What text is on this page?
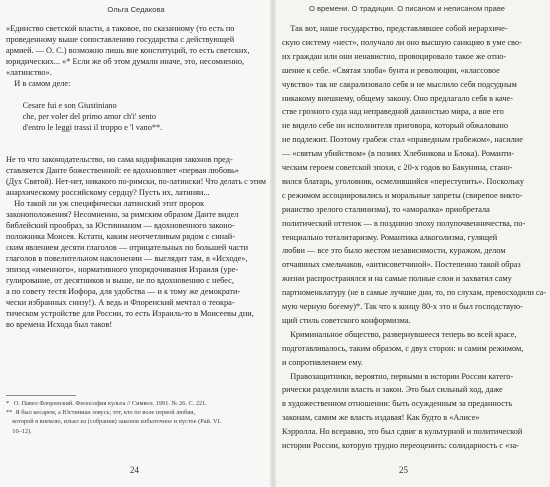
Ольга Седакова
«Единство светской власти, а таковое, по сказанному (то есть по
проведенному выше сопоставлению государства с действующей
армией. — О. С.) возможно лишь вне конституций, то есть светских,
юридических... »* Если же об этом думали иначе, это, несомненно,
«латинство».
И в самом деле:
Cesare fui e son Giustiniano
che, per voler del primo amor ch'i' sento
d'entro le leggi trassi il troppo e 'l vano**.
Не то что законодательство, но сама кодификация законов пред-
ставляется Данте божественной: ее вдохновляет «первая любовь»
(Дух Святой). Нет-нет, никакого по-римски, по-латински! Что делать с этим
анархическому российскому сердцу? Пусть их, латиняи...
Но такой ли уж специфически латинский этот пророк
законоположения? Несомненно, за римским образом Данте видел
библейский прообраз, за Юстинианом — вдохновенного законо-
положника Моисея. Кстати, каким неотчетливым рядом с синай-
ским явлением десяти глаголов — отрицательных по большей части
глаголов в повелительном наклонении — выглядит там, в «Исходе»,
эпизод «именного», нормативного упорядочивания Израиля (уре-
гулирование, от десятников и выше, не по вдохновению с небес,
а по совету тестя Иофора, для удобства — и к тому же демократи-
чески избранных снизу!). А ведь и Флоренский мечтал о теокра-
тическом устройстве для России, то есть Израиль-то в Моисеевы дни,
во времена Исхода был таков!
*   О. Павел Флоренский. Философия культа // Символ. 1991. № 26. С. 221.
**  Я был кесарем, а Юстиниан зовусь; тот, кто по воле первой любви,
которой я внемлю, изъял из (собрания) законов избыточное и пустое (Рай. VI.
10–12).
24
О времени. О традиции. О писаном и неписаном праве
Так вот, наше государство, представлявшее собой иерархиче-
скую систему «нест», получало ли оно высшую санкцию в уме сво-
их граждан или они ненавистно, провоцировало такое же отно-
шение к себе. «Святая злоба» бунта и революции, «классовое
чувство» так не сакрализовало себя и не мыслило себя подсудным
никакому внешнему, общему закону. Оно предлагало себя в каче-
стве грозного суда над неправедной данностью мира, а вне его
не видело себе ни исполнителя приговора, который обжаловано
не подлежит. Поэтому грабеж стал «праведным грабежом», насилие
— «святым убийством» (в позиях Хлебникова и Блока). Романти-
ческим героем советской эпохи, с 20-х годов во Бакунина, стано-
вился блатарь, уголовник, осмелившийся «переступить». Поскольку
с режимом ассоциировались и моральные запреты (свирепое викто-
рианство зрелого сталинизма), то «аморалка» приобретала
политический оттенок — в позднюю эпоху полупочвенничества, по-
тенциально тоталитаризму. Романтика алкоголизма, гулящей
любви — все это было жестом независимости, куражом, делом
отчаянных смельчаков, «антисоветчиной». Постепенно такой образ
жизни распространялся и на самые полные слои и захватил саму
партноменклатуру (не в самые лучшие дни, то, по слухам, превосходили са-
мую черную богему)*. Так что к концу 80-х это и был господствую-
щий стиль советского конформизма.
Криминальное общество, развернувшееся теперь во всей красе,
подготавливалось, таким образом, с двух сторон: и самим режимом,
и сопротивлением ему.
Правозащитники, вероятно, первыми в истории России катего-
рически разделили власть и закон. Это был сильный ход, даже
в художественном отношении: быть осужденным за преданность
законам, самим же власть издавая! Как будто в «Алисе»
Кэрролла. Но всеравно, это был сдвиг в культурной и политической
истории России, которую трудно переоценить: солидарность с «за-
25
